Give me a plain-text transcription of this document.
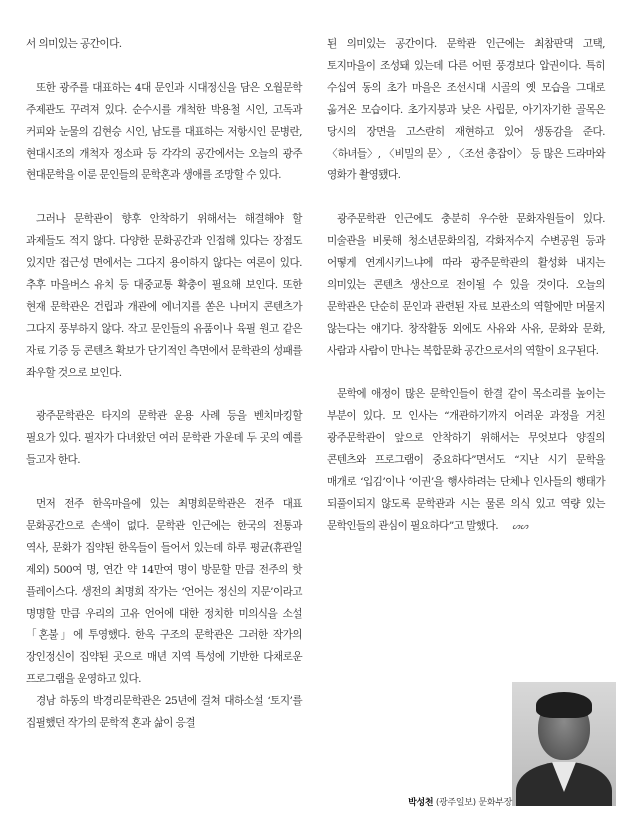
서 의미있는 공간이다.

또한 광주를 대표하는 4대 문인과 시대정신을 담은 오월문학 주제관도 꾸려져 있다. 순수시를 개척한 박용철 시인, 고독과 커피와 눈물의 김현승 시인, 남도를 대표하는 저항시인 문병란, 현대시조의 개척자 정소파 등 각각의 공간에서는 오늘의 광주 현대문학을 이룬 문인들의 문학혼과 생애를 조망할 수 있다.

그러나 문학관이 향후 안착하기 위해서는 해결해야 할 과제들도 적지 않다. 다양한 문화공간과 인접해 있다는 장점도 있지만 접근성 면에서는 그다지 용이하지 않다는 여론이 있다. 추후 마을버스 유치 등 대중교통 확충이 필요해 보인다. 또한 현재 문학관은 건립과 개관에 에너지를 쏟은 나머지 콘텐츠가 그다지 풍부하지 않다. 작고 문인들의 유품이나 육필 원고 같은 자료 기증 등 콘텐츠 확보가 단기적인 측면에서 문학관의 성패를 좌우할 것으로 보인다.

광주문학관은 타지의 문학관 운용 사례 등을 벤치마킹할 필요가 있다. 필자가 다녀왔던 여러 문학관 가운데 두 곳의 예를 들고자 한다.

먼저 전주 한옥마을에 있는 최명희문학관은 전주 대표 문화공간으로 손색이 없다. 문학관 인근에는 한국의 전통과 역사, 문화가 집약된 한옥들이 들어서 있는데 하루 평균(휴관일 제외) 500여 명, 연간 약 14만여 명이 방문할 만큼 전주의 핫 플레이스다. 생전의 최명희 작가는 ‘언어는 정신의 지문’이라고 명명할 만큼 우리의 고유 언어에 대한 정치한 미의식을 소설 「혼불」에 투영했다. 한옥 구조의 문학관은 그러한 작가의 장인정신이 집약된 곳으로 매년 지역 특성에 기반한 다채로운 프로그램을 운영하고 있다.

경남 하동의 박경리문학관은 25년에 걸쳐 대하소설 ‘토지’를 집필했던 작가의 문학적 혼과 삶이 응결

된 의미있는 공간이다. 문학관 인근에는 최참판댁 고택, 토지마을이 조성돼 있는데 다른 어떤 풍경보다 압권이다. 특히 수십여 동의 초가 마을은 조선시대 시골의 옛 모습을 그대로 옮겨온 모습이다. 초가지붕과 낮은 사립문, 아기자기한 골목은 당시의 장면을 고스란히 재현하고 있어 생동감을 준다. 〈하녀들〉, 〈비밀의 문〉, 〈조선 총잡이〉 등 많은 드라마와 영화가 촬영됐다.

광주문학관 인근에도 충분히 우수한 문화자원들이 있다. 미술관을 비롯해 청소년문화의집, 각화저수지 수변공원 등과 어떻게 연계시키느냐에 따라 광주문학관의 활성화 내지는 의미있는 콘텐츠 생산으로 전이될 수 있을 것이다. 오늘의 문학관은 단순히 문인과 관련된 자료 보관소의 역할에만 머물지 않는다는 얘기다. 창작활동 외에도 사유와 사유, 문화와 문화, 사람과 사람이 만나는 복합문화 공간으로서의 역할이 요구된다.

문학에 애정이 많은 문학인들이 한결 같이 목소리를 높이는 부분이 있다. 모 인사는 “개관하기까지 어려운 과정을 거친 광주문학관이 앞으로 안착하기 위해서는 무엇보다 양질의 콘텐츠와 프로그램이 중요하다”면서도 “지난 시기 문학을 매개로 ‘입김’이나 ‘이권’을 행사하려는 단체나 인사들의 행태가 되풀이되지 않도록 문학관과 시는 물론 의식 있고 역량 있는 문학인들의 관심이 필요하다”고 말했다. ᔕᔕ

박성천 (광주일보) 문화부장
